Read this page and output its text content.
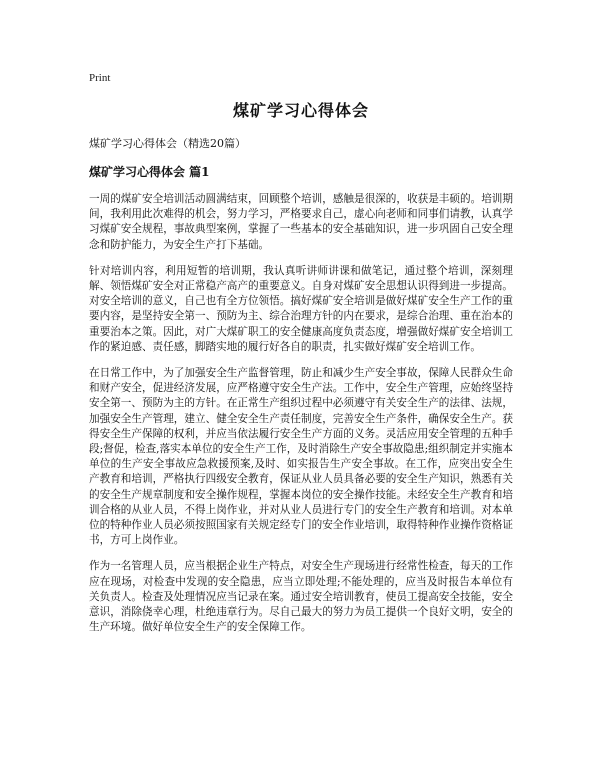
Print
煤矿学习心得体会
煤矿学习心得体会（精选20篇）
煤矿学习心得体会 篇1

一周的煤矿安全培训活动圆满结束，回顾整个培训，感触是很深的，收获是丰硕的。培训期间，我利用此次难得的机会，努力学习，严格要求自己，虚心向老师和同事们请教，认真学习煤矿安全规程，事故典型案例，掌握了一些基本的安全基础知识，进一步巩固自己安全理念和防护能力，为安全生产打下基础。

针对培训内容，利用短暂的培训期，我认真听讲师讲课和做笔记，通过整个培训，深刻理解、领悟煤矿安全对正常稳产高产的重要意义。自身对煤矿安全思想认识得到进一步提高。对安全培训的意义，自己也有全方位领悟。搞好煤矿安全培训是做好煤矿安全生产工作的重要内容，是坚持安全第一、预防为主、综合治理方针的内在要求，是综合治理、重在治本的重要治本之策。因此，对广大煤矿职工的安全健康高度负责态度，增强做好煤矿安全培训工作的紧迫感、责任感，脚踏实地的履行好各自的职责，扎实做好煤矿安全培训工作。

在日常工作中，为了加强安全生产监督管理，防止和减少生产安全事故，保障人民群众生命和财产安全，促进经济发展，应严格遵守安全生产法。工作中，安全生产管理，应始终坚持安全第一、预防为主的方针。在正常生产组织过程中必须遵守有关安全生产的法律、法规，加强安全生产管理，建立、健全安全生产责任制度，完善安全生产条件，确保安全生产。获得安全生产保障的权利，并应当依法履行安全生产方面的义务。灵活应用安全管理的五种手段;督促，检查,落实本单位的安全生产工作，及时消除生产安全事故隐患;组织制定并实施本单位的生产安全事故应急救援预案,及时、如实报告生产安全事故。在工作，应突出安全生产教育和培训，严格执行四级安全教育，保证从业人员具备必要的安全生产知识，熟悉有关的安全生产规章制度和安全操作规程，掌握本岗位的安全操作技能。未经安全生产教育和培训合格的从业人员，不得上岗作业，并对从业人员进行专门的安全生产教育和培训。对本单位的特种作业人员必须按照国家有关规定经专门的安全作业培训，取得特种作业操作资格证书，方可上岗作业。

作为一名管理人员，应当根据企业生产特点，对安全生产现场进行经常性检查，每天的工作应在现场，对检查中发现的安全隐患，应当立即处理;不能处理的，应当及时报告本单位有关负责人。检查及处理情况应当记录在案。通过安全培训教育，使员工提高安全技能，安全意识，消除侥幸心理，杜绝违章行为。尽自己最大的努力为员工提供一个良好文明，安全的生产环境。做好单位安全生产的安全保障工作。
